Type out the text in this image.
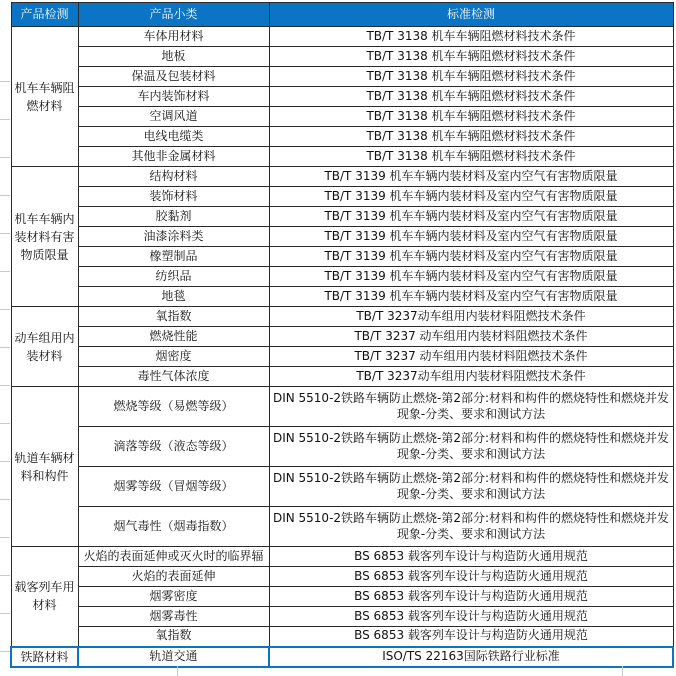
产品检测	产品小类	标准检测
机车车辆阻燃材料	车体用材料	TB/T 3138 机车车辆阻燃材料技术条件
	地板	TB/T 3138 机车车辆阻燃材料技术条件
	保温及包装材料	TB/T 3138 机车车辆阻燃材料技术条件
	车内装饰材料	TB/T 3138 机车车辆阻燃材料技术条件
	空调风道	TB/T 3138 机车车辆阻燃材料技术条件
	电线电缆类	TB/T 3138 机车车辆阻燃材料技术条件
	其他非金属材料	TB/T 3138 机车车辆阻燃材料技术条件
机车车辆内装材料有害物质限量	结构材料	TB/T 3139 机车车辆内装材料及室内空气有害物质限量
	装饰材料	TB/T 3139 机车车辆内装材料及室内空气有害物质限量
	胶黏剂	TB/T 3139 机车车辆内装材料及室内空气有害物质限量
	油漆涂料类	TB/T 3139 机车车辆内装材料及室内空气有害物质限量
	橡塑制品	TB/T 3139 机车车辆内装材料及室内空气有害物质限量
	纺织品	TB/T 3139 机车车辆内装材料及室内空气有害物质限量
	地毯	TB/T 3139 机车车辆内装材料及室内空气有害物质限量
动车组用内装材料	氧指数	TB/T 3237动车组用内装材料阻燃技术条件
	燃烧性能	TB/T 3237 动车组用内装材料阻燃技术条件
	烟密度	TB/T 3237 动车组用内装材料阻燃技术条件
	毒性气体浓度	TB/T 3237动车组用内装材料阻燃技术条件
轨道车辆材料和构件	燃烧等级（易燃等级）	DIN 5510-2铁路车辆防止燃烧-第2部分:材料和构件的燃烧特性和燃烧并发现象-分类、要求和测试方法
	滴落等级（液态等级）	DIN 5510-2铁路车辆防止燃烧-第2部分:材料和构件的燃烧特性和燃烧并发现象-分类、要求和测试方法
	烟雾等级（冒烟等级）	DIN 5510-2铁路车辆防止燃烧-第2部分:材料和构件的燃烧特性和燃烧并发现象-分类、要求和测试方法
	烟气毒性（烟毒指数）	DIN 5510-2铁路车辆防止燃烧-第2部分:材料和构件的燃烧特性和燃烧并发现象-分类、要求和测试方法
载客列车用材料	火焰的表面延伸或灭火时的临界辐	BS 6853 载客列车设计与构造防火通用规范
	火焰的表面延伸	BS 6853 载客列车设计与构造防火通用规范
	烟雾密度	BS 6853 载客列车设计与构造防火通用规范
	烟雾毒性	BS 6853 载客列车设计与构造防火通用规范
	氧指数	BS 6853 载客列车设计与构造防火通用规范
铁路材料	轨道交通	ISO/TS 22163国际铁路行业标准
